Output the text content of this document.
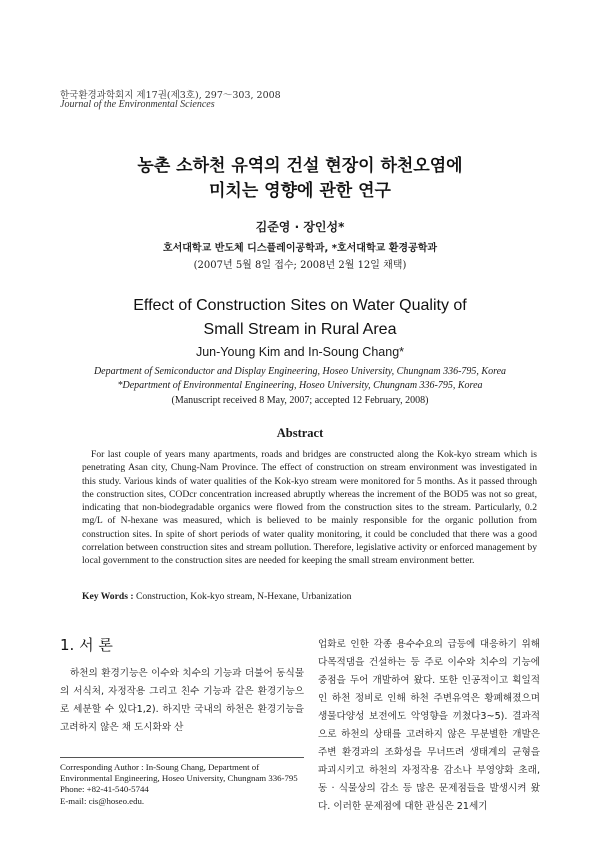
한국환경과학회지 제17권(제3호), 297～303, 2008
Journal of the Environmental Sciences
농촌 소하천 유역의 건설 현장이 하천오염에
미치는 영향에 관한 연구
김준영 · 장인성*
호서대학교 반도체 디스플레이공학과, *호서대학교 환경공학과
(2007년 5월 8일 접수; 2008년 2월 12일 채택)
Effect of Construction Sites on Water Quality of
Small Stream in Rural Area
Jun-Young Kim and In-Soung Chang*
Department of Semiconductor and Display Engineering, Hoseo University, Chungnam 336-795, Korea
*Department of Environmental Engineering, Hoseo University, Chungnam 336-795, Korea
(Manuscript received 8 May, 2007; accepted 12 February, 2008)
Abstract
For last couple of years many apartments, roads and bridges are constructed along the Kok-kyo stream which is penetrating Asan city, Chung-Nam Province. The effect of construction on stream environment was investigated in this study. Various kinds of water qualities of the Kok-kyo stream were monitored for 5 months. As it passed through the construction sites, CODcr concentration increased abruptly whereas the increment of the BOD5 was not so great, indicating that non-biodegradable organics were flowed from the construction sites to the stream. Particularly, 0.2 mg/L of N-hexane was measured, which is believed to be mainly responsible for the organic pollution from construction sites. In spite of short periods of water quality monitoring, it could be concluded that there was a good correlation between construction sites and stream pollution. Therefore, legislative activity or enforced management by local government to the construction sites are needed for keeping the small stream environment better.
Key Words : Construction, Kok-kyo stream, N-Hexane, Urbanization
1. 서 론
하천의 환경기능은 이수와 치수의 기능과 더불어 동식물의 서식처, 자정작용 그리고 친수 기능과 같은 환경기능으로 세분할 수 있다1,2). 하지만 국내의 하천은 환경기능을 고려하지 않은 채 도시화와 산
업화로 인한 각종 용수수요의 급등에 대응하기 위해 다목적댐을 건설하는 등 주로 이수와 치수의 기능에 중점을 두어 개발하여 왔다. 또한 인공적이고 획일적인 하천 정비로 인해 하천 주변유역은 황폐해졌으며 생물다양성 보전에도 악영향을 끼쳤다3~5). 결과적으로 하천의 상태를 고려하지 않은 무분별한 개발은 주변 환경과의 조화성을 무너뜨려 생태계의 균형을 파괴시키고 하천의 자정작용 감소나 부영양화 초래, 동 · 식물상의 감소 등 많은 문제점들을 발생시켜 왔다. 이러한 문제점에 대한 관심은 21세기
Corresponding Author : In-Soung Chang, Department of Environmental Engineering, Hoseo University, Chungnam 336-795
Phone: +82-41-540-5744
E-mail: cis@hoseo.edu.
